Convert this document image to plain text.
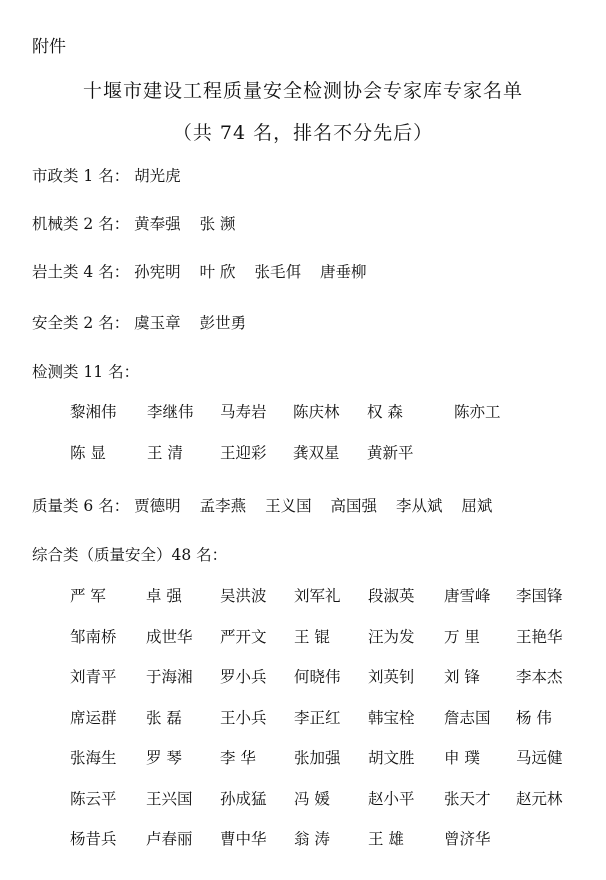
附件
十堰市建设工程质量安全检测协会专家库专家名单
（共 74 名，排名不分先后）
市政类 1 名： 胡光虎
机械类 2 名： 黄奉强 张 濒
岩土类 4 名： 孙宪明 叶 欣 张毛佴 唐垂柳
安全类 2 名： 虞玉章 彭世勇
检测类 11 名：
黎湘伟 李继伟 马寿岩 陈庆林 权 森	陈亦工
陈 显	王 清 王迎彩 龚双星 黄新平
质量类 6 名： 贾德明 孟李燕 王义国 高国强 李从斌 屈斌
综合类（质量安全）48 名：
严 军	卓 强 吴洪波 刘军礼 段淑英 唐雪峰 李国锋
邹南桥 成世华 严开文 王 锟 汪为发 万 里 王艳华
刘青平 于海湘 罗小兵 何晓伟 刘英钊 刘 锋 李本杰
席运群 张 磊 王小兵 李正红 韩宝栓 詹志国 杨 伟
张海生 罗 琴 李 华 张加强 胡文胜 申 璞 马远健
陈云平 王兴国 孙成猛 冯 媛 赵小平 张天才 赵元林
杨昔兵 卢春丽 曹中华 翁 涛 王 雄	曾济华
